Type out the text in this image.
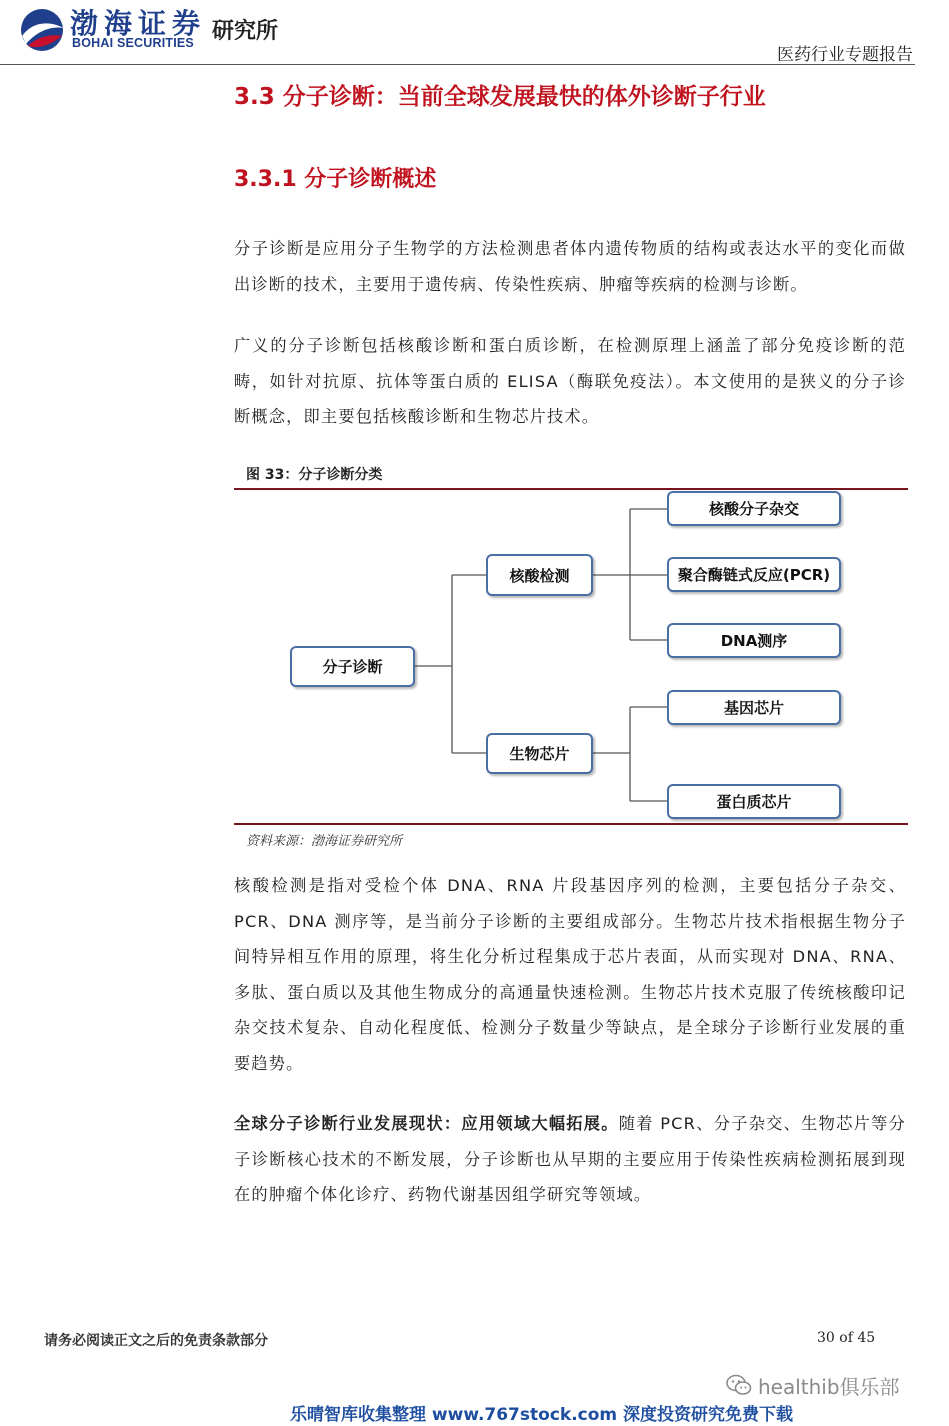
渤海证券
BOHAI SECURITIES 研究所
医药行业专题报告
3.3 分子诊断：当前全球发展最快的体外诊断子行业
3.3.1 分子诊断概述
分子诊断是应用分子生物学的方法检测患者体内遗传物质的结构或表达水平的变化而做出诊断的技术，主要用于遗传病、传染性疾病、肿瘤等疾病的检测与诊断。
广义的分子诊断包括核酸诊断和蛋白质诊断，在检测原理上涵盖了部分免疫诊断的范畴，如针对抗原、抗体等蛋白质的 ELISA（酶联免疫法）。本文使用的是狭义的分子诊断概念，即主要包括核酸诊断和生物芯片技术。
图 33：分子诊断分类
分子诊断
核酸检测
生物芯片
核酸分子杂交
聚合酶链式反应(PCR)
DNA测序
基因芯片
蛋白质芯片
资料来源：渤海证券研究所
核酸检测是指对受检个体 DNA、RNA 片段基因序列的检测，主要包括分子杂交、PCR、DNA 测序等，是当前分子诊断的主要组成部分。生物芯片技术指根据生物分子间特异相互作用的原理，将生化分析过程集成于芯片表面，从而实现对 DNA、RNA、多肽、蛋白质以及其他生物成分的高通量快速检测。生物芯片技术克服了传统核酸印记杂交技术复杂、自动化程度低、检测分子数量少等缺点，是全球分子诊断行业发展的重要趋势。
全球分子诊断行业发展现状：应用领域大幅拓展。随着 PCR、分子杂交、生物芯片等分子诊断核心技术的不断发展，分子诊断也从早期的主要应用于传染性疾病检测拓展到现在的肿瘤个体化诊疗、药物代谢基因组学研究等领域。
请务必阅读正文之后的免责条款部分	30 of 45
healthib俱乐部
乐晴智库收集整理 www.767stock.com 深度投资研究免费下载
